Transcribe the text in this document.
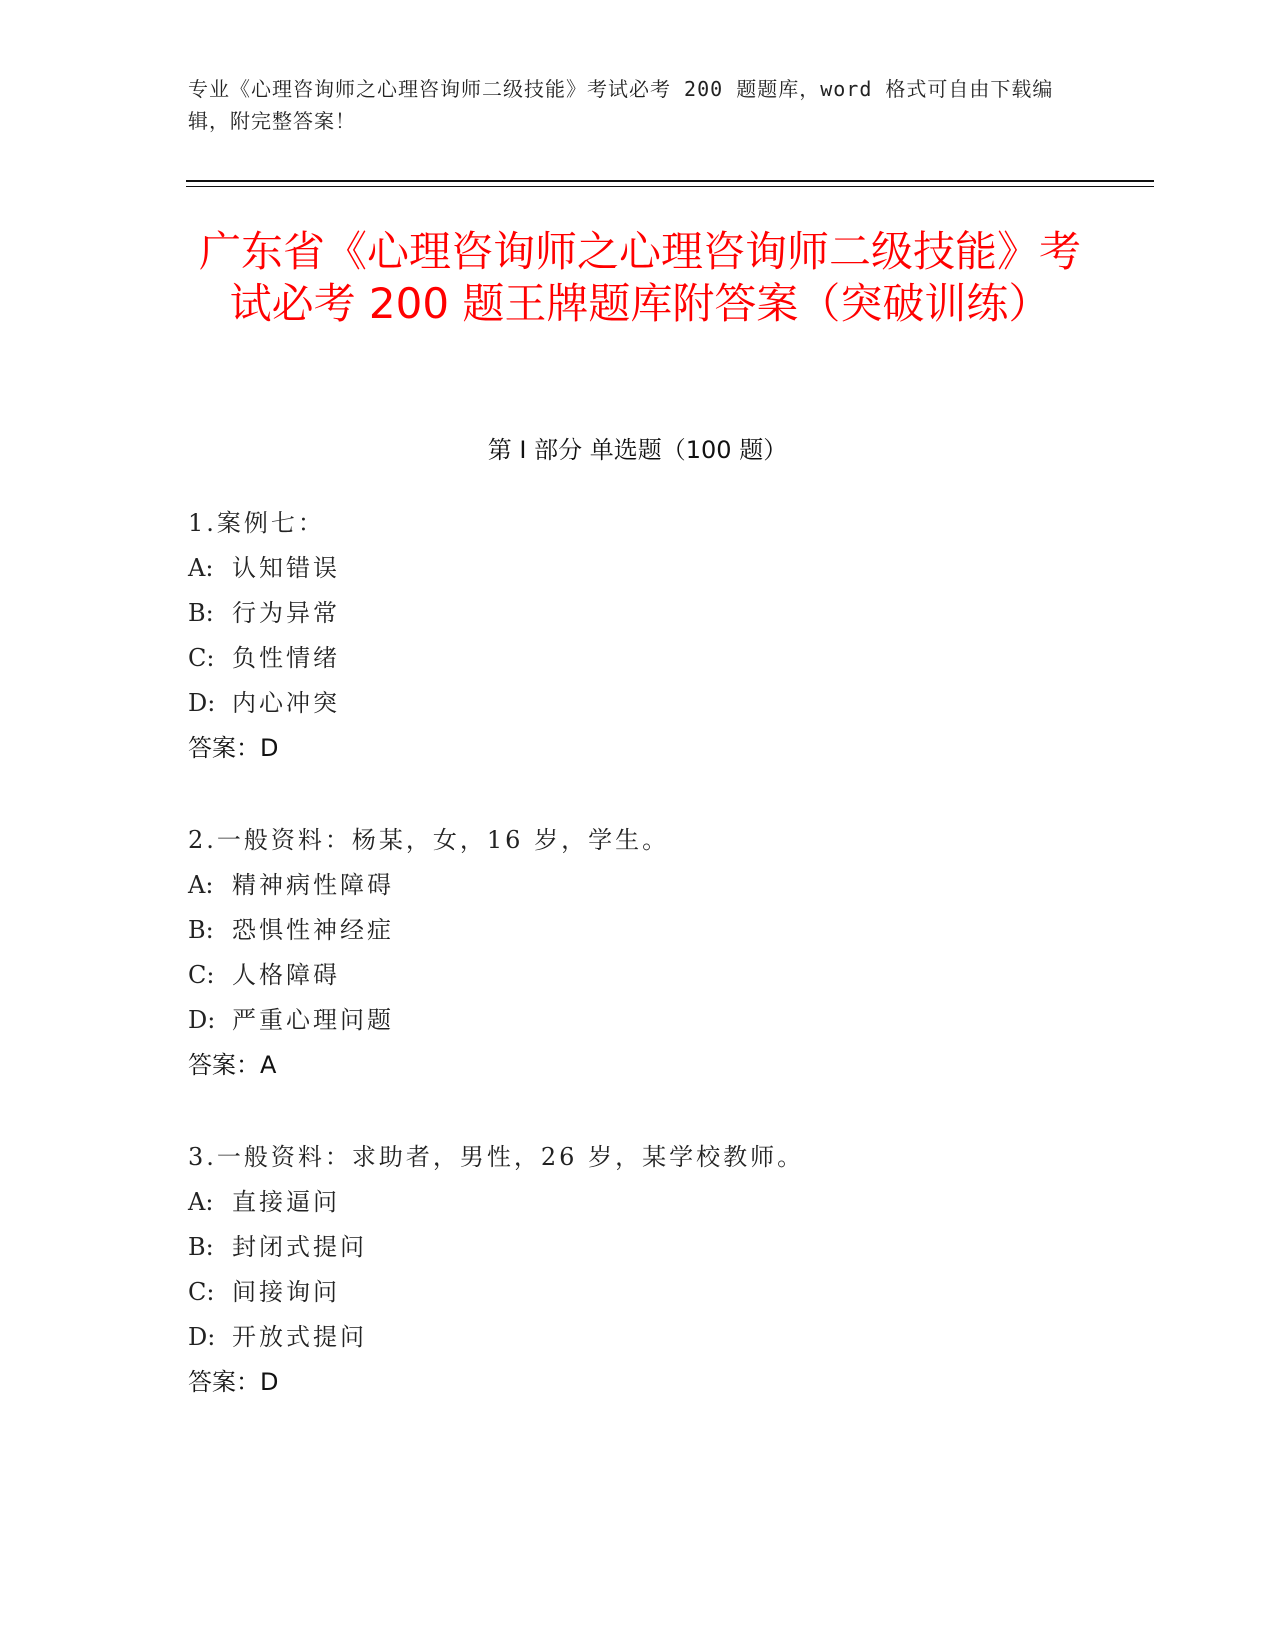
专业《心理咨询师之心理咨询师二级技能》考试必考 200 题题库，word 格式可自由下载编辑，附完整答案！
广东省《心理咨询师之心理咨询师二级技能》考试必考 200 题王牌题库附答案（突破训练）
第 I 部分 单选题（100 题）
1.案例七：
A: 认知错误
B: 行为异常
C: 负性情绪
D: 内心冲突
答案：D
2.一般资料：杨某，女，16 岁，学生。
A: 精神病性障碍
B: 恐惧性神经症
C: 人格障碍
D: 严重心理问题
答案：A
3.一般资料：求助者，男性，26 岁，某学校教师。
A: 直接逼问
B: 封闭式提问
C: 间接询问
D: 开放式提问
答案：D
